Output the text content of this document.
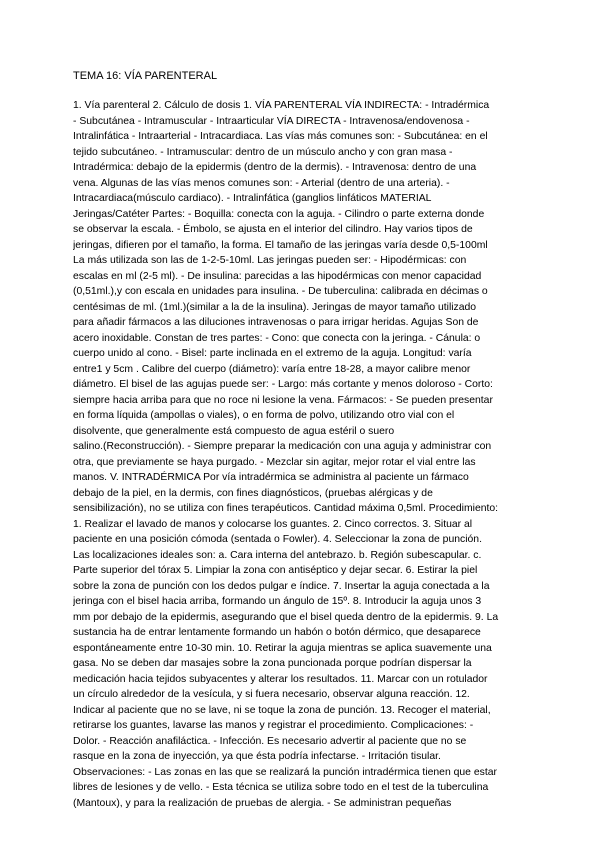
TEMA 16: VÍA PARENTERAL
1. Vía parenteral 2. Cálculo de dosis 1. VÍA PARENTERAL VÍA INDIRECTA: - Intradérmica
- Subcutánea - Intramuscular - Intraarticular VÍA DIRECTA - Intravenosa/endovenosa -
Intralinfática - Intraarterial - Intracardiaca. Las vías más comunes son: - Subcutánea: en el
tejido subcutáneo. - Intramuscular: dentro de un músculo ancho y con gran masa -
Intradérmica: debajo de la epidermis (dentro de la dermis). - Intravenosa: dentro de una
vena. Algunas de las vías menos comunes son: - Arterial (dentro de una arteria). -
Intracardiaca(músculo cardiaco). - Intralinfática (ganglios linfáticos MATERIAL
Jeringas/Catéter Partes: - Boquilla: conecta con la aguja. - Cilindro o parte externa donde
se observar la escala. - Émbolo, se ajusta en el interior del cilindro. Hay varios tipos de
jeringas, difieren por el tamaño, la forma. El tamaño de las jeringas varía desde 0,5-100ml
La más utilizada son las de 1-2-5-10ml. Las jeringas pueden ser: - Hipodérmicas: con
escalas en ml (2-5 ml). - De insulina: parecidas a las hipodérmicas con menor capacidad
(0,51ml.),y con escala en unidades para insulina. - De tuberculina: calibrada en décimas o
centésimas de ml. (1ml.)(similar a la de la insulina). Jeringas de mayor tamaño utilizado
para añadir fármacos a las diluciones intravenosas o para irrigar heridas. Agujas Son de
acero inoxidable. Constan de tres partes: - Cono: que conecta con la jeringa. - Cánula: o
cuerpo unido al cono. - Bisel: parte inclinada en el extremo de la aguja. Longitud: varía
entre1 y 5cm . Calibre del cuerpo (diámetro): varía entre 18-28, a mayor calibre menor
diámetro. El bisel de las agujas puede ser: - Largo: más cortante y menos doloroso - Corto:
siempre hacia arriba para que no roce ni lesione la vena. Fármacos: - Se pueden presentar
en forma líquida (ampollas o viales), o en forma de polvo, utilizando otro vial con el
disolvente, que generalmente está compuesto de agua estéril o suero
salino.(Reconstrucción). - Siempre preparar la medicación con una aguja y administrar con
otra, que previamente se haya purgado. - Mezclar sin agitar, mejor rotar el vial entre las
manos. V. INTRADÉRMICA Por vía intradérmica se administra al paciente un fármaco
debajo de la piel, en la dermis, con fines diagnósticos, (pruebas alérgicas y de
sensibilización), no se utiliza con fines terapéuticos. Cantidad máxima 0,5ml. Procedimiento:
1. Realizar el lavado de manos y colocarse los guantes. 2. Cinco correctos. 3. Situar al
paciente en una posición cómoda (sentada o Fowler). 4. Seleccionar la zona de punción.
Las localizaciones ideales son: a. Cara interna del antebrazo. b. Región subescapular. c.
Parte superior del tórax 5. Limpiar la zona con antiséptico y dejar secar. 6. Estirar la piel
sobre la zona de punción con los dedos pulgar e índice. 7. Insertar la aguja conectada a la
jeringa con el bisel hacia arriba, formando un ángulo de 15º. 8. Introducir la aguja unos 3
mm por debajo de la epidermis, asegurando que el bisel queda dentro de la epidermis. 9. La
sustancia ha de entrar lentamente formando un habón o botón dérmico, que desaparece
espontáneamente entre 10-30 min. 10. Retirar la aguja mientras se aplica suavemente una
gasa. No se deben dar masajes sobre la zona puncionada porque podrían dispersar la
medicación hacia tejidos subyacentes y alterar los resultados. 11. Marcar con un rotulador
un círculo alrededor de la vesícula, y si fuera necesario, observar alguna reacción. 12.
Indicar al paciente que no se lave, ni se toque la zona de punción. 13. Recoger el material,
retirarse los guantes, lavarse las manos y registrar el procedimiento. Complicaciones: -
Dolor. - Reacción anafiláctica. - Infección. Es necesario advertir al paciente que no se
rasque en la zona de inyección, ya que ésta podría infectarse. - Irritación tisular.
Observaciones: - Las zonas en las que se realizará la punción intradérmica tienen que estar
libres de lesiones y de vello. - Esta técnica se utiliza sobre todo en el test de la tuberculina
(Mantoux), y para la realización de pruebas de alergia. - Se administran pequeñas
